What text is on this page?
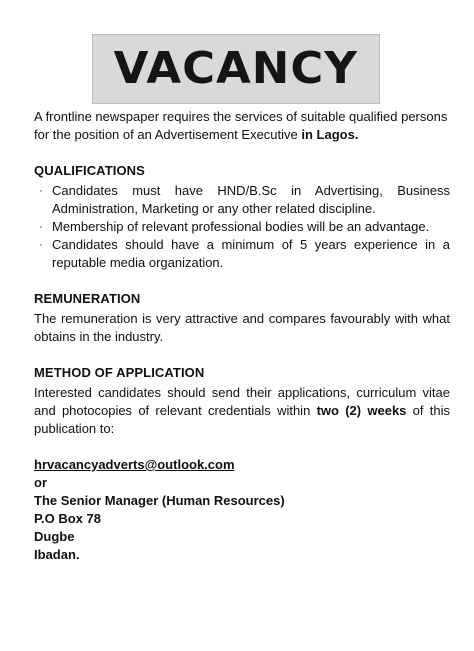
VACANCY
A frontline newspaper requires the services of suitable qualified persons for the position of an Advertisement Executive in Lagos.
QUALIFICATIONS
· Candidates must have HND/B.Sc in Advertising, Business Administration, Marketing or any other related discipline.
· Membership of relevant professional bodies will be an advantage.
· Candidates should have a minimum of 5 years experience in a reputable media organization.
REMUNERATION
The remuneration is very attractive and compares favourably with what obtains in the industry.
METHOD OF APPLICATION
Interested candidates should send their applications, curriculum vitae and photocopies of relevant credentials within two (2) weeks of this publication to:
hrvacancyadverts@outlook.com
or
The Senior Manager (Human Resources)
P.O Box 78
Dugbe
Ibadan.
